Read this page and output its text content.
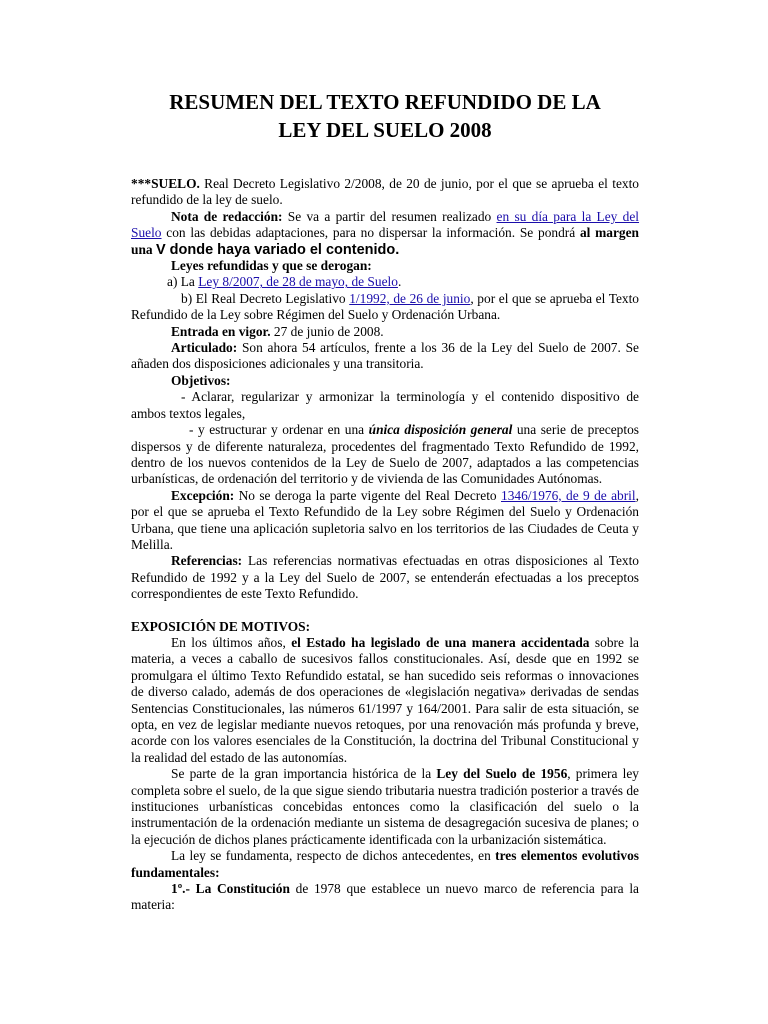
RESUMEN DEL TEXTO REFUNDIDO DE LA
LEY DEL SUELO 2008

***SUELO. Real Decreto Legislativo 2/2008, de 20 de junio, por el que se aprueba el texto refundido de la ley de suelo.

Nota de redacción: Se va a partir del resumen realizado en su día para la Ley del Suelo con las debidas adaptaciones, para no dispersar la información. Se pondrá al margen una V donde haya variado el contenido.

Leyes refundidas y que se derogan:

a) La Ley 8/2007, de 28 de mayo, de Suelo.

b) El Real Decreto Legislativo 1/1992, de 26 de junio, por el que se aprueba el Texto Refundido de la Ley sobre Régimen del Suelo y Ordenación Urbana.

Entrada en vigor. 27 de junio de 2008.

Articulado: Son ahora 54 artículos, frente a los 36 de la Ley del Suelo de 2007. Se añaden dos disposiciones adicionales y una transitoria.

Objetivos:

- Aclarar, regularizar y armonizar la terminología y el contenido dispositivo de ambos textos legales,

- y estructurar y ordenar en una única disposición general una serie de preceptos dispersos y de diferente naturaleza, procedentes del fragmentado Texto Refundido de 1992, dentro de los nuevos contenidos de la Ley de Suelo de 2007, adaptados a las competencias urbanísticas, de ordenación del territorio y de vivienda de las Comunidades Autónomas.

Excepción: No se deroga la parte vigente del Real Decreto 1346/1976, de 9 de abril, por el que se aprueba el Texto Refundido de la Ley sobre Régimen del Suelo y Ordenación Urbana, que tiene una aplicación supletoria salvo en los territorios de las Ciudades de Ceuta y Melilla.

Referencias: Las referencias normativas efectuadas en otras disposiciones al Texto Refundido de 1992 y a la Ley del Suelo de 2007, se entenderán efectuadas a los preceptos correspondientes de este Texto Refundido.

EXPOSICIÓN DE MOTIVOS:

En los últimos años, el Estado ha legislado de una manera accidentada sobre la materia, a veces a caballo de sucesivos fallos constitucionales. Así, desde que en 1992 se promulgara el último Texto Refundido estatal, se han sucedido seis reformas o innovaciones de diverso calado, además de dos operaciones de «legislación negativa» derivadas de sendas Sentencias Constitucionales, las números 61/1997 y 164/2001. Para salir de esta situación, se opta, en vez de legislar mediante nuevos retoques, por una renovación más profunda y breve, acorde con los valores esenciales de la Constitución, la doctrina del Tribunal Constitucional y la realidad del estado de las autonomías.

Se parte de la gran importancia histórica de la Ley del Suelo de 1956, primera ley completa sobre el suelo, de la que sigue siendo tributaria nuestra tradición posterior a través de instituciones urbanísticas concebidas entonces como la clasificación del suelo o la instrumentación de la ordenación mediante un sistema de desagregación sucesiva de planes; o la ejecución de dichos planes prácticamente identificada con la urbanización sistemática.

La ley se fundamenta, respecto de dichos antecedentes, en tres elementos evolutivos fundamentales:

1º.- La Constitución de 1978 que establece un nuevo marco de referencia para la materia:
